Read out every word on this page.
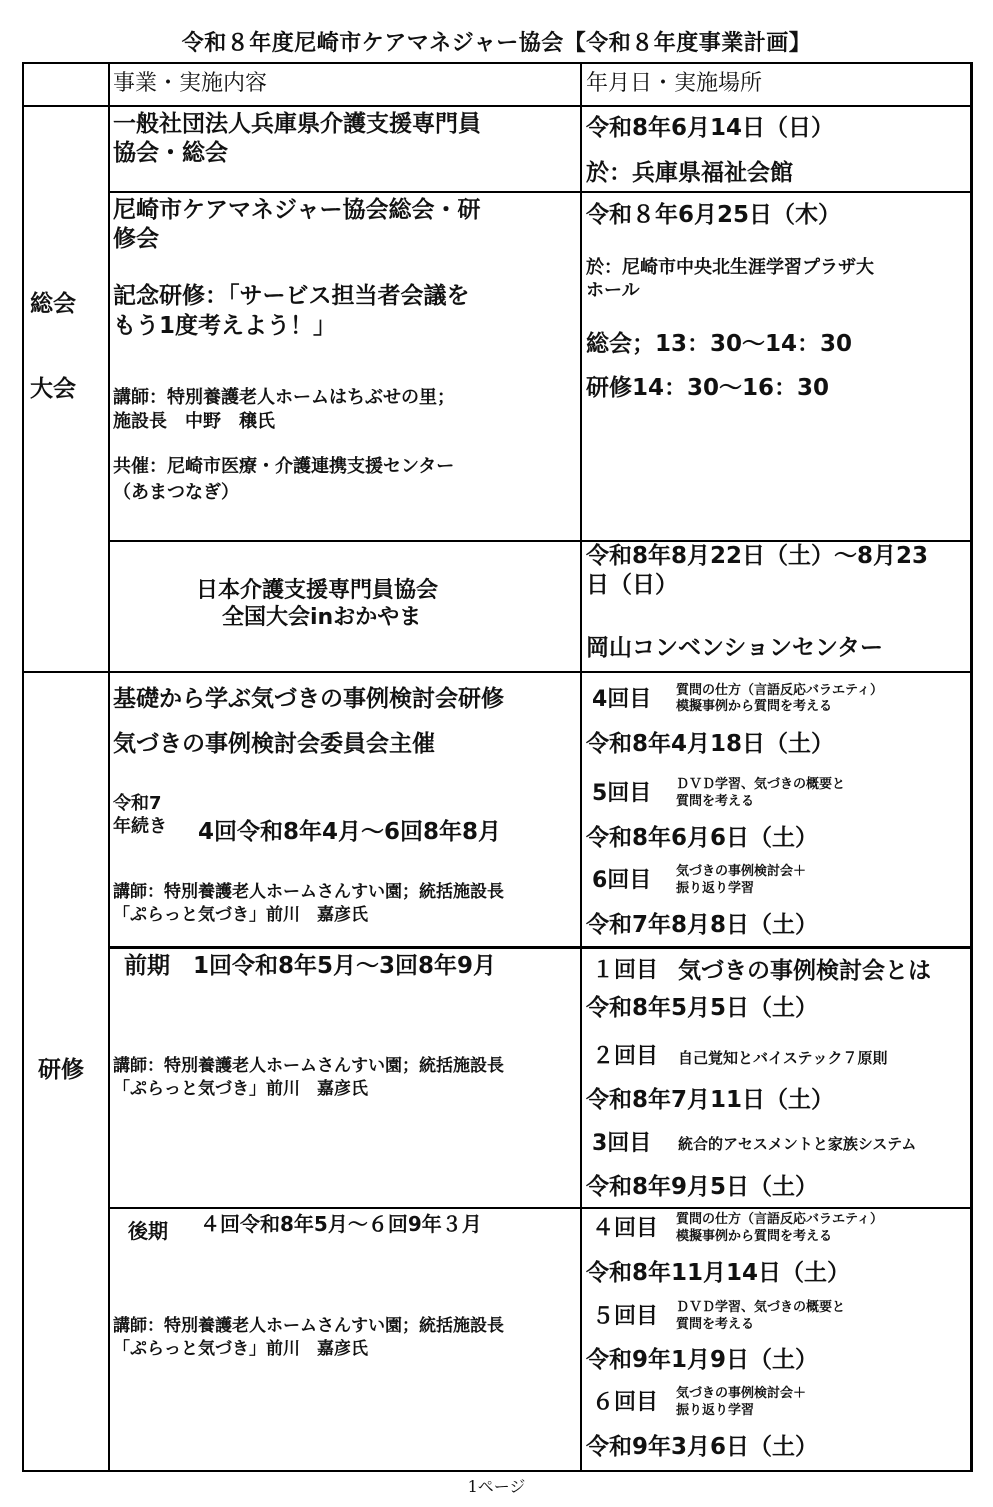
令和８年度尼崎市ケアマネジャー協会【令和８年度事業計画】
事業・実施内容	年月日・実施場所
総会
大会
研修
一般社団法人兵庫県介護支援専門員
協会・総会
令和8年6月14日（日）
於：兵庫県福祉会館
尼崎市ケアマネジャー協会総会・研
修会
記念研修：「サービス担当者会議を
もう1度考えよう！」
講師：特別養護老人ホームはちぶせの里；
施設長　中野　穣氏
共催：尼崎市医療・介護連携支援センター
（あまつなぎ）
令和８年6月25日（木）
於：尼崎市中央北生涯学習プラザ大
ホール
総会；13：30〜14：30
研修14：30〜16：30
日本介護支援専門員協会
全国大会inおかやま
令和8年8月22日（土）〜8月23
日（日）
岡山コンベンションセンター
基礎から学ぶ気づきの事例検討会研修
気づきの事例検討会委員会主催
令和7
年続き 4回令和8年4月〜6回8年8月
講師：特別養護老人ホームさんすい園；統括施設長
「ぷらっと気づき」前川　嘉彦氏
4回目 質問の仕方（言語反応バラエティ）
模擬事例から質問を考える
令和8年4月18日（土）
5回目 ＤＶＤ学習、気づきの概要と
質問を考える
令和8年6月6日（土）
6回目 気づきの事例検討会＋
振り返り学習
令和7年8月8日（土）
前期　1回令和8年5月〜3回8年9月
講師：特別養護老人ホームさんすい園；統括施設長
「ぷらっと気づき」前川　嘉彦氏
１回目 気づきの事例検討会とは
令和8年5月5日（土）
２回目 自己覚知とバイステック７原則
令和8年7月11日（土）
3回目 統合的アセスメントと家族システム
令和8年9月5日（土）
後期 ４回令和8年5月〜６回9年３月
講師：特別養護老人ホームさんすい園；統括施設長
「ぷらっと気づき」前川　嘉彦氏
４回目 質問の仕方（言語反応バラエティ）
模擬事例から質問を考える
令和8年11月14日（土）
５回目 ＤＶＤ学習、気づきの概要と
質問を考える
令和9年1月9日（土）
６回目 気づきの事例検討会＋
振り返り学習
令和9年3月6日（土）
1ページ
